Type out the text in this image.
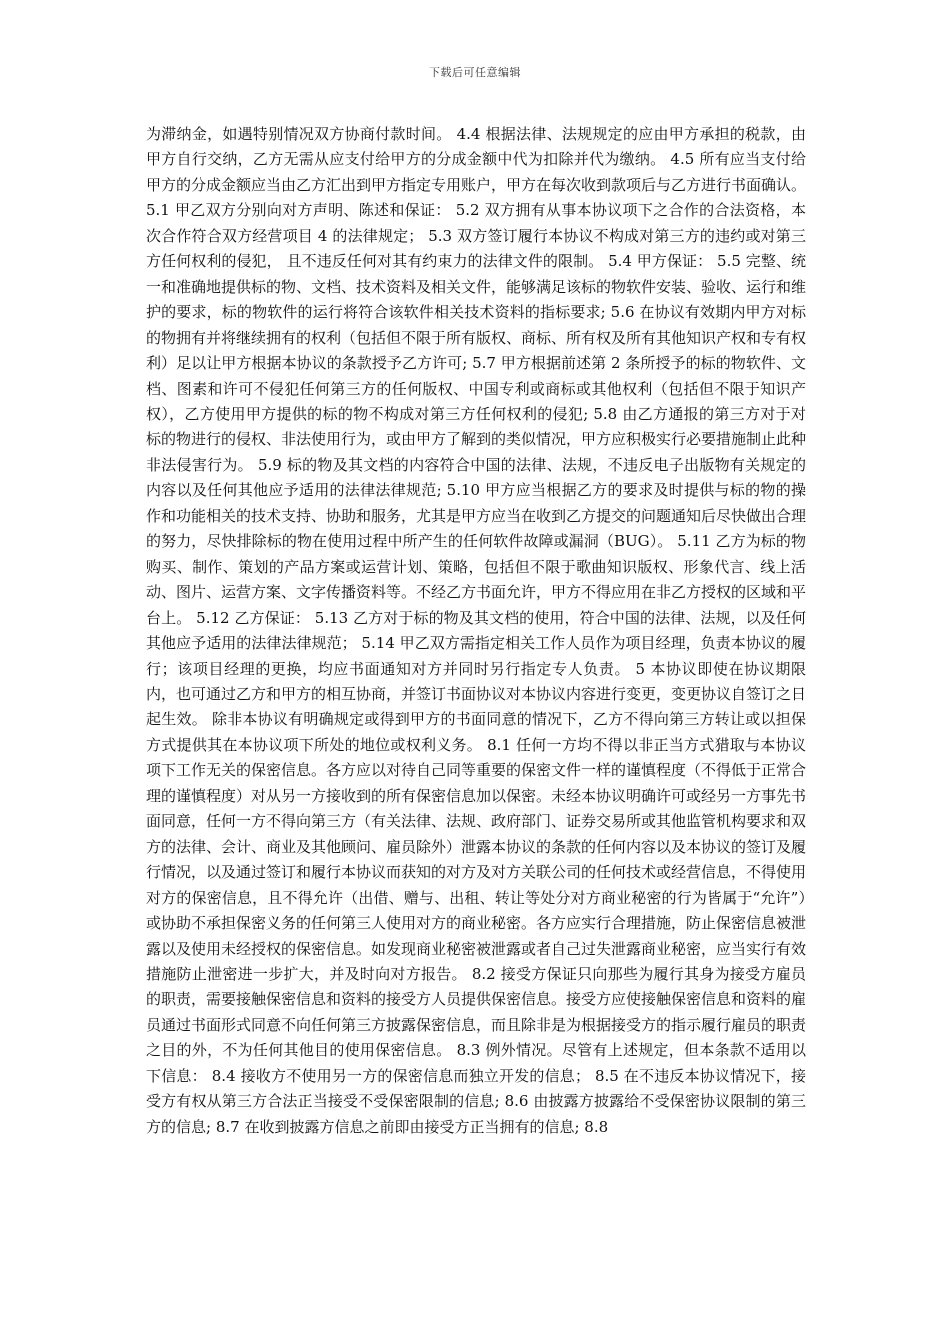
下载后可任意编辑

为滞纳金，如遇特别情况双方协商付款时间。 4.4 根据法律、法规规定的应由甲方承担的税款，由甲方自行交纳，乙方无需从应支付给甲方的分成金额中代为扣除并代为缴纳。 4.5 所有应当支付给甲方的分成金额应当由乙方汇出到甲方指定专用账户，甲方在每次收到款项后与乙方进行书面确认。 5.1 甲乙双方分别向对方声明、陈述和保证： 5.2 双方拥有从事本协议项下之合作的合法资格，本次合作符合双方经营项目 4 的法律规定； 5.3 双方签订履行本协议不构成对第三方的违约或对第三方任何权利的侵犯， 且不违反任何对其有约束力的法律文件的限制。 5.4 甲方保证： 5.5 完整、统一和准确地提供标的物、文档、技术资料及相关文件，能够满足该标的物软件安装、验收、运行和维护的要求，标的物软件的运行将符合该软件相关技术资料的指标要求; 5.6 在协议有效期内甲方对标的物拥有并将继续拥有的权利（包括但不限于所有版权、商标、所有权及所有其他知识产权和专有权利）足以让甲方根据本协议的条款授予乙方许可; 5.7 甲方根据前述第 2 条所授予的标的物软件、文档、图素和许可不侵犯任何第三方的任何版权、中国专利或商标或其他权利（包括但不限于知识产权），乙方使用甲方提供的标的物不构成对第三方任何权利的侵犯; 5.8 由乙方通报的第三方对于对标的物进行的侵权、非法使用行为，或由甲方了解到的类似情况，甲方应积极实行必要措施制止此种非法侵害行为。 5.9 标的物及其文档的内容符合中国的法律、法规，不违反电子出版物有关规定的内容以及任何其他应予适用的法律法律规范; 5.10 甲方应当根据乙方的要求及时提供与标的物的操作和功能相关的技术支持、协助和服务，尤其是甲方应当在收到乙方提交的问题通知后尽快做出合理的努力，尽快排除标的物在使用过程中所产生的任何软件故障或漏洞（BUG）。 5.11 乙方为标的物购买、制作、策划的产品方案或运营计划、策略，包括但不限于歌曲知识版权、形象代言、线上活动、图片、运营方案、文字传播资料等。不经乙方书面允许，甲方不得应用在非乙方授权的区域和平台上。 5.12 乙方保证： 5.13 乙方对于标的物及其文档的使用，符合中国的法律、法规，以及任何其他应予适用的法律法律规范； 5.14 甲乙双方需指定相关工作人员作为项目经理，负责本协议的履行；该项目经理的更换，均应书面通知对方并同时另行指定专人负责。 5 本协议即使在协议期限内，也可通过乙方和甲方的相互协商，并签订书面协议对本协议内容进行变更，变更协议自签订之日起生效。 除非本协议有明确规定或得到甲方的书面同意的情况下，乙方不得向第三方转让或以担保方式提供其在本协议项下所处的地位或权利义务。 8.1 任何一方均不得以非正当方式猎取与本协议项下工作无关的保密信息。各方应以对待自己同等重要的保密文件一样的谨慎程度（不得低于正常合理的谨慎程度）对从另一方接收到的所有保密信息加以保密。未经本协议明确许可或经另一方事先书面同意，任何一方不得向第三方（有关法律、法规、政府部门、证券交易所或其他监管机构要求和双方的法律、会计、商业及其他顾问、雇员除外）泄露本协议的条款的任何内容以及本协议的签订及履行情况，以及通过签订和履行本协议而获知的对方及对方关联公司的任何技术或经营信息，不得使用对方的保密信息，且不得允许（出借、赠与、出租、转让等处分对方商业秘密的行为皆属于“允许”）或协助不承担保密义务的任何第三人使用对方的商业秘密。各方应实行合理措施，防止保密信息被泄露以及使用未经授权的保密信息。如发现商业秘密被泄露或者自己过失泄露商业秘密，应当实行有效措施防止泄密进一步扩大，并及时向对方报告。 8.2 接受方保证只向那些为履行其身为接受方雇员的职责，需要接触保密信息和资料的接受方人员提供保密信息。接受方应使接触保密信息和资料的雇员通过书面形式同意不向任何第三方披露保密信息，而且除非是为根据接受方的指示履行雇员的职责之目的外，不为任何其他目的使用保密信息。 8.3 例外情况。尽管有上述规定，但本条款不适用以下信息： 8.4 接收方不使用另一方的保密信息而独立开发的信息； 8.5 在不违反本协议情况下，接受方有权从第三方合法正当接受不受保密限制的信息; 8.6 由披露方披露给不受保密协议限制的第三方的信息; 8.7 在收到披露方信息之前即由接受方正当拥有的信息; 8.8
